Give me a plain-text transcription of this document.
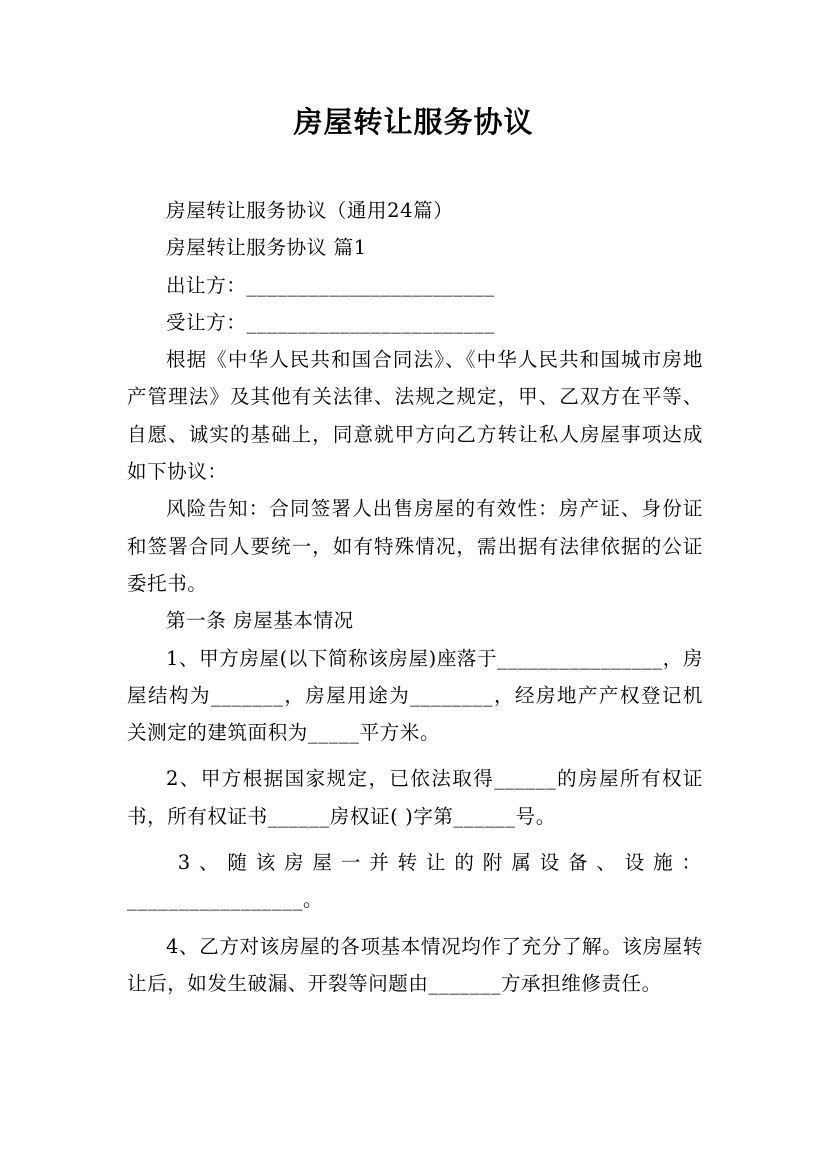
房屋转让服务协议

房屋转让服务协议（通用24篇）

房屋转让服务协议 篇1

出让方：________________________

受让方：________________________

根据《中华人民共和国合同法》、《中华人民共和国城市房地产管理法》及其他有关法律、法规之规定，甲、乙双方在平等、自愿、诚实的基础上，同意就甲方向乙方转让私人房屋事项达成如下协议：

风险告知：合同签署人出售房屋的有效性：房产证、身份证和签署合同人要统一，如有特殊情况，需出据有法律依据的公证委托书。

第一条 房屋基本情况

1、甲方房屋(以下简称该房屋)座落于________________，房屋结构为_______，房屋用途为________，经房地产产权登记机关测定的建筑面积为_____平方米。

2、甲方根据国家规定，已依法取得______的房屋所有权证书，所有权证书______房权证( )字第______号。

3、随该房屋一并转让的附属设备、设施：

_________________。

4、乙方对该房屋的各项基本情况均作了充分了解。该房屋转让后，如发生破漏、开裂等问题由_______方承担维修责任。
